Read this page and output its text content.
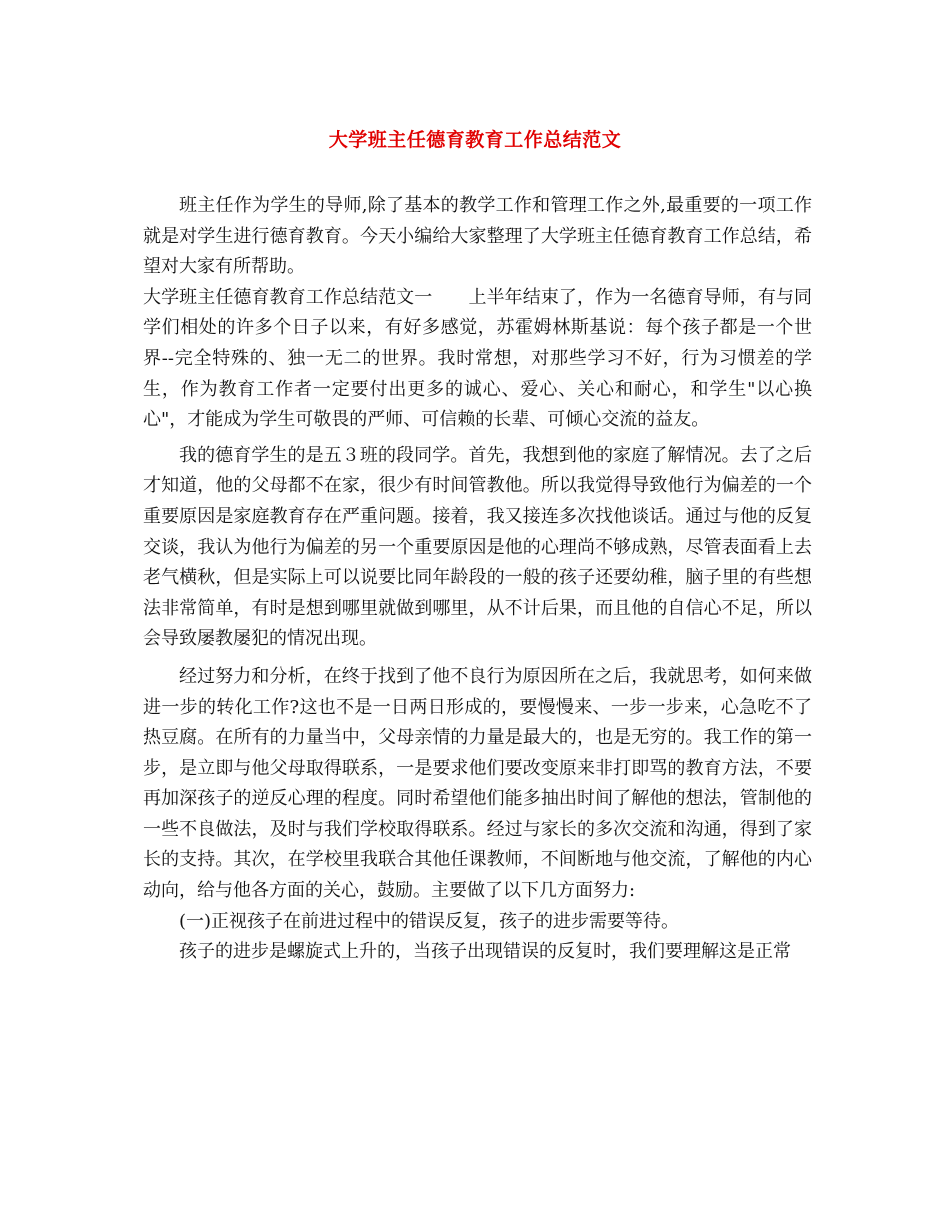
大学班主任德育教育工作总结范文

班主任作为学生的导师,除了基本的教学工作和管理工作之外,最重要的一项工作就是对学生进行德育教育。今天小编给大家整理了大学班主任德育教育工作总结，希望对大家有所帮助。

大学班主任德育教育工作总结范文一　　上半年结束了，作为一名德育导师，有与同学们相处的许多个日子以来，有好多感觉，苏霍姆林斯基说：每个孩子都是一个世界--完全特殊的、独一无二的世界。我时常想，对那些学习不好，行为习惯差的学生，作为教育工作者一定要付出更多的诚心、爱心、关心和耐心，和学生"以心换心"，才能成为学生可敬畏的严师、可信赖的长辈、可倾心交流的益友。

我的德育学生的是五３班的段同学。首先，我想到他的家庭了解情况。去了之后才知道，他的父母都不在家，很少有时间管教他。所以我觉得导致他行为偏差的一个重要原因是家庭教育存在严重问题。接着，我又接连多次找他谈话。通过与他的反复交谈，我认为他行为偏差的另一个重要原因是他的心理尚不够成熟，尽管表面看上去老气横秋，但是实际上可以说要比同年龄段的一般的孩子还要幼稚，脑子里的有些想法非常简单，有时是想到哪里就做到哪里，从不计后果，而且他的自信心不足，所以会导致屡教屡犯的情况出现。

经过努力和分析，在终于找到了他不良行为原因所在之后，我就思考，如何来做进一步的转化工作?这也不是一日两日形成的，要慢慢来、一步一步来，心急吃不了热豆腐。在所有的力量当中，父母亲情的力量是最大的，也是无穷的。我工作的第一步，是立即与他父母取得联系，一是要求他们要改变原来非打即骂的教育方法，不要再加深孩子的逆反心理的程度。同时希望他们能多抽出时间了解他的想法，管制他的一些不良做法，及时与我们学校取得联系。经过与家长的多次交流和沟通，得到了家长的支持。其次，在学校里我联合其他任课教师，不间断地与他交流，了解他的内心动向，给与他各方面的关心，鼓励。主要做了以下几方面努力:

(一)正视孩子在前进过程中的错误反复，孩子的进步需要等待。

孩子的进步是螺旋式上升的，当孩子出现错误的反复时，我们要理解这是正常
